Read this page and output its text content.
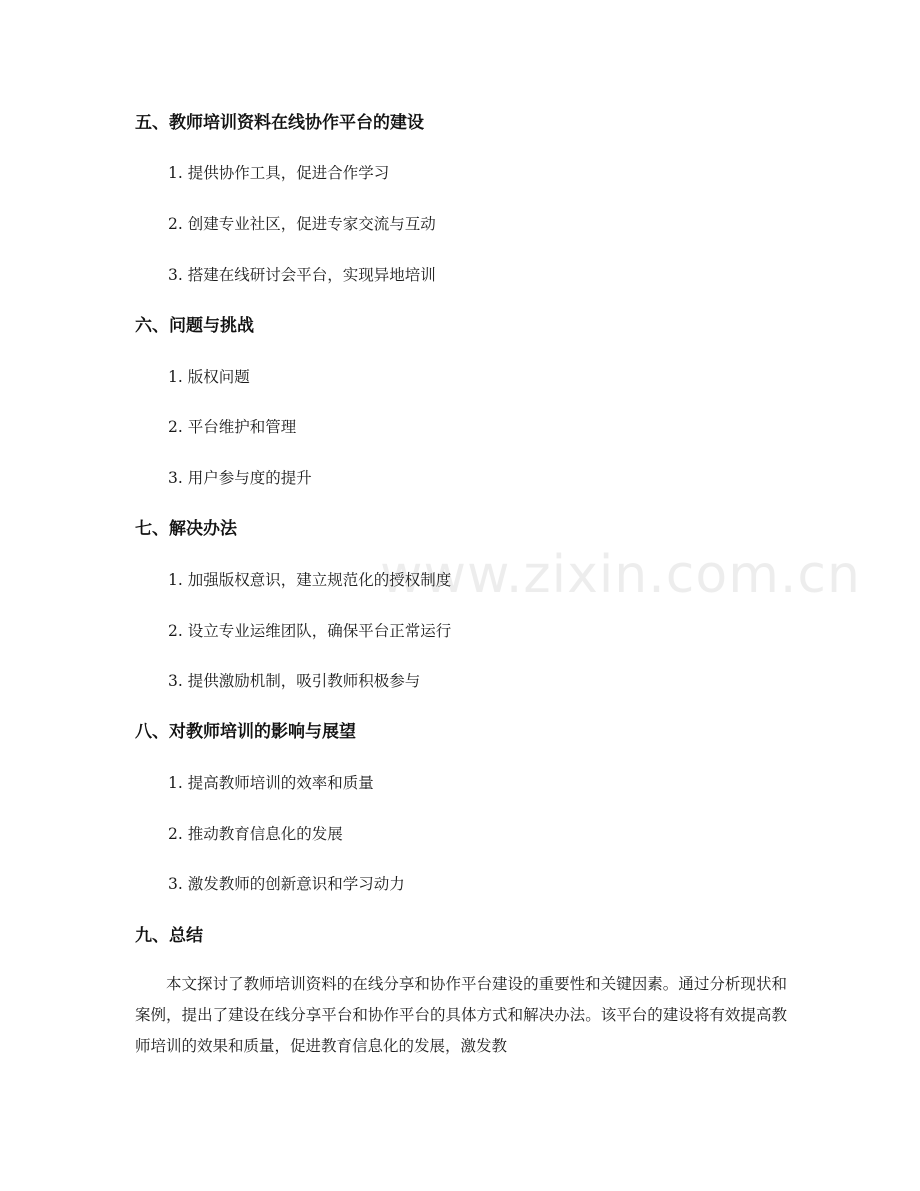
www.zixin.com.cn
五、教师培训资料在线协作平台的建设
1. 提供协作工具，促进合作学习
2. 创建专业社区，促进专家交流与互动
3. 搭建在线研讨会平台，实现异地培训
六、问题与挑战
1. 版权问题
2. 平台维护和管理
3. 用户参与度的提升
七、解决办法
1. 加强版权意识，建立规范化的授权制度
2. 设立专业运维团队，确保平台正常运行
3. 提供激励机制，吸引教师积极参与
八、对教师培训的影响与展望
1. 提高教师培训的效率和质量
2. 推动教育信息化的发展
3. 激发教师的创新意识和学习动力
九、总结
本文探讨了教师培训资料的在线分享和协作平台建设的重要性和关键因素。通过分析现状和案例，提出了建设在线分享平台和协作平台的具体方式和解决办法。该平台的建设将有效提高教师培训的效果和质量，促进教育信息化的发展，激发教
